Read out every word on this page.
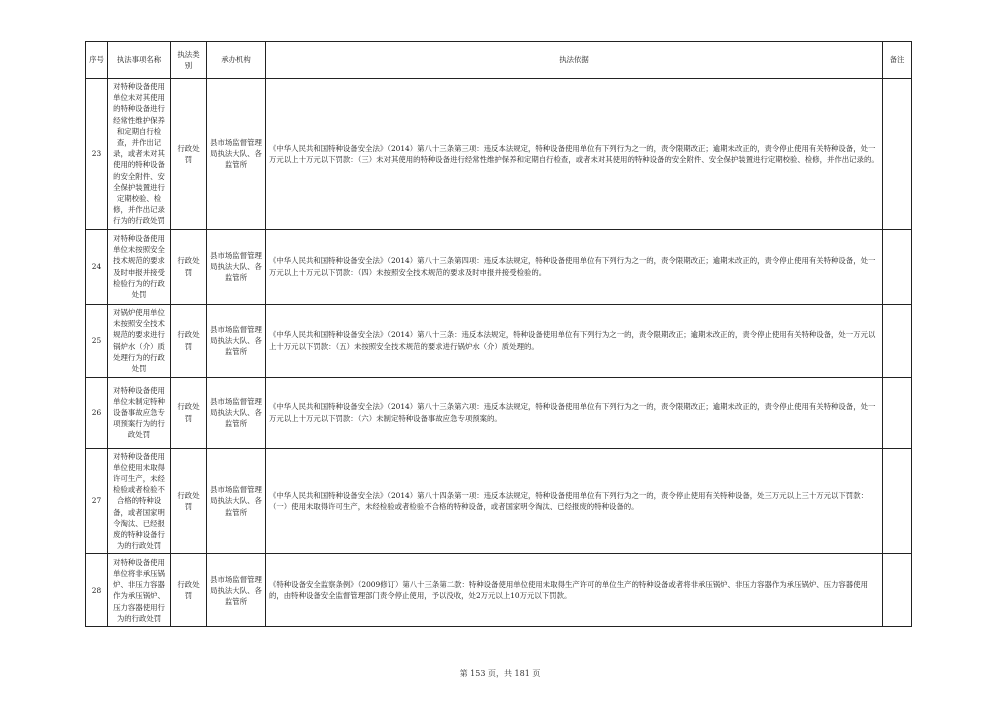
序号	执法事项名称	执法类别	承办机构	执法依据	备注
23	对特种设备使用单位未对其使用的特种设备进行经常性维护保养和定期自行检查，并作出记录，或者未对其使用的特种设备的安全附件、安全保护装置进行定期校验、检修，并作出记录行为的行政处罚	行政处罚	县市场监督管理局执法大队、各监管所	《中华人民共和国特种设备安全法》（2014）第八十三条第三项：违反本法规定，特种设备使用单位有下列行为之一的，责令限期改正；逾期未改正的，责令停止使用有关特种设备，处一万元以上十万元以下罚款：（三）未对其使用的特种设备进行经常性维护保养和定期自行检查，或者未对其使用的特种设备的安全附件、安全保护装置进行定期校验、检修，并作出记录的。	
24	对特种设备使用单位未按照安全技术规范的要求及时申报并接受检验行为的行政处罚	行政处罚	县市场监督管理局执法大队、各监管所	《中华人民共和国特种设备安全法》（2014）第八十三条第四项：违反本法规定，特种设备使用单位有下列行为之一的，责令限期改正；逾期未改正的，责令停止使用有关特种设备，处一万元以上十万元以下罚款：（四）未按照安全技术规范的要求及时申报并接受检验的。	
25	对锅炉使用单位未按照安全技术规范的要求进行锅炉水（介）质处理行为的行政处罚	行政处罚	县市场监督管理局执法大队、各监管所	《中华人民共和国特种设备安全法》（2014）第八十三条：违反本法规定，特种设备使用单位有下列行为之一的，责令限期改正；逾期未改正的，责令停止使用有关特种设备，处一万元以上十万元以下罚款：（五）未按照安全技术规范的要求进行锅炉水（介）质处理的。	
26	对特种设备使用单位未制定特种设备事故应急专项预案行为的行政处罚	行政处罚	县市场监督管理局执法大队、各监管所	《中华人民共和国特种设备安全法》（2014）第八十三条第六项：违反本法规定，特种设备使用单位有下列行为之一的，责令限期改正；逾期未改正的，责令停止使用有关特种设备，处一万元以上十万元以下罚款：（六）未制定特种设备事故应急专项预案的。	
27	对特种设备使用单位使用未取得许可生产，未经检验或者检验不合格的特种设备，或者国家明令淘汰、已经报废的特种设备行为的行政处罚	行政处罚	县市场监督管理局执法大队、各监管所	《中华人民共和国特种设备安全法》（2014）第八十四条第一项：违反本法规定，特种设备使用单位有下列行为之一的，责令停止使用有关特种设备，处三万元以上三十万元以下罚款：（一）使用未取得许可生产，未经检验或者检验不合格的特种设备，或者国家明令淘汰、已经报废的特种设备的。	
28	对特种设备使用单位将非承压锅炉、非压力容器作为承压锅炉、压力容器使用行为的行政处罚	行政处罚	县市场监督管理局执法大队、各监管所	《特种设备安全监察条例》（2009修订）第八十三条第二款：特种设备使用单位使用未取得生产许可的单位生产的特种设备或者将非承压锅炉、非压力容器作为承压锅炉、压力容器使用的，由特种设备安全监督管理部门责令停止使用，予以没收，处2万元以上10万元以下罚款。	
第 153 页，共 181 页
